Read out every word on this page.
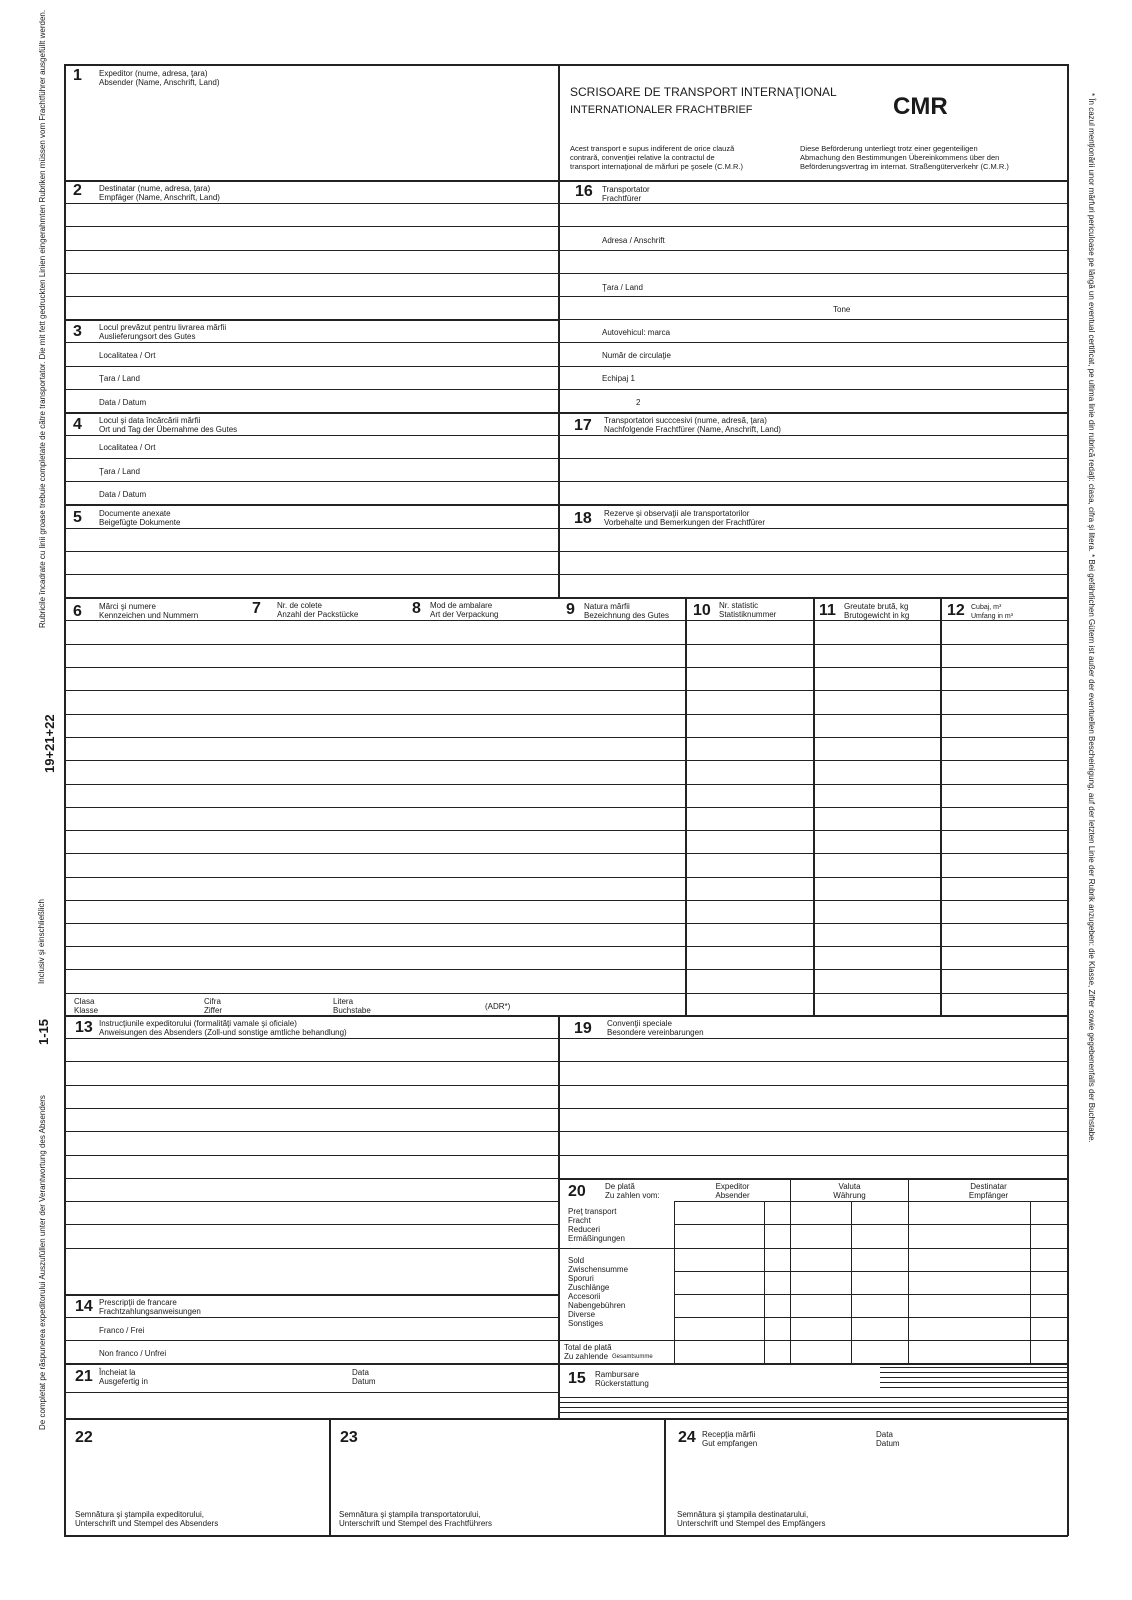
SCRISOARE DE TRANSPORT INTERNAŢIONAL
INTERNATIONALER FRACHTBRIEF	CMR
Acest transport e supus indiferent de orice clauză
contrară, convenţiei relative la contractul de
transport internaţional de mărfuri pe şosele (C.M.R.)
Diese Beförderung unterliegt trotz einer gegenteiligen
Abmachung den Bestimmungen Übereinkommens über den
Beförderungsvertrag im internat. Straßengüterverkehr (C.M.R.)
1 Expeditor (nume, adresa, ţara)
Absender (Name, Anschrift, Land)
2 Destinatar (nume, adresa, ţara)
Empfäger (Name, Anschrift, Land)
3 Locul prevăzut pentru livrarea mărfii
Auslieferungsort des Gutes
Localitatea / Ort
Ţara / Land
Data / Datum
4 Locul şi data încărcării mărfii
Ort und Tag der Übernahme des Gutes
Localitatea / Ort
Ţara / Land
Data / Datum
5 Documente anexate
Beigefügte Dokumente
16 Transportator
Frachtfürer
Adresa / Anschrift
Ţara / Land
Tone
Autovehicul: marca
Număr de circulaţie
Echipaj 1
2
17 Transportatori succcesivi (nume, adresă, ţara)
Nachfolgende Frachtfürer (Name, Anschrift, Land)
18 Rezerve şi observaţii ale transportatorilor
Vorbehalte und Bemerkungen der Frachtfürer
6 Mărci şi numere
Kennzeichen und Nummern	7 Nr. de colete
Anzahl der Packstücke	8 Mod de ambalare
Art der Verpackung	9 Natura mărfii
Bezeichnung des Gutes 10 Nr. statistic
Statistiknummer	11 Greutate brută, kg
Brutogewicht in kg 12 Cubaj, m³
Umfang in m³
Clasa
Klasse
Cifra
Ziffer
Litera
Buchstabe	(ADR*)
13 Instrucţiunile expeditorului (formalităţi vamale şi oficiale)
Anweisungen des Absenders (Zoll-und sonstige amtliche behandlung)	19 Convenţii speciale
Besondere vereinbarungen
20 De plată
Zu zahlen vom:
Expeditor
Absender
Valuta
Währung
Destinatar
Empfänger
Preţ transport
Fracht
Reduceri
Ermäßingungen
Sold
Zwischensumme
Sporuri
Zuschlänge
Accesorii
Nabengebühren
Diverse
Sonstiges
Total de plată
Zu zahlende Gesamtsumme
14 Prescripţii de francare
Frachtzahlungsanweisungen
Franco / Frei
Non franco / Unfrei
21 Încheiat la
Ausgefertig in
Data
Datum	15 Rambursare
Rückerstattung
22
Semnătura şi ştampila expeditorului,
Unterschrift und Stempel des Absenders
23
Semnătura şi ştampila transportatorului,
Unterschrift und Stempel des Frachtführers
24 Recepţia mărfii
Gut empfangen
Data
Datum
Semnătura şi ştampila destinatarului,
Unterschrift und Stempel des Empfängers
Rubricile încadrate cu linii groase trebuie completate de către transportator. Die mit fett gedruckten Linien eingerahmten Rubriken müssen vom Frachtführer ausgefüllt werden.
19+21+22
Inclusiv şi einschließlich
1-15
De completat pe răspunerea expeditorului Auszufüllen unter der Verantwortung des Absenders
* În cazul menţionării unor mărfuri periculoase pe lângă un eventual certificat, pe ultima linie din rubrică redaţi: clasa, cifra şi litera. * Bei gefährlichen Gütern ist außer der eventuellen Bescheinigung, auf der letzten Linie der Rubrik anzugeben: die Klasse, Ziffer sowie gegebenenfalls der Buchstabe.
